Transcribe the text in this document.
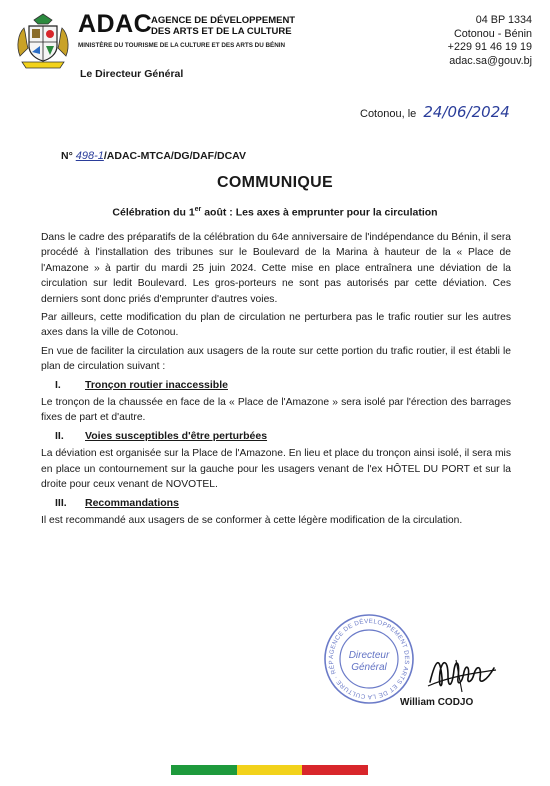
ADAC
AGENCE DE DÉVELOPPEMENT
DES ARTS ET DE LA CULTURE
MINISTÈRE DU TOURISME DE LA CULTURE ET DES ARTS DU BÉNIN
Le Directeur Général
04 BP 1334
Cotonou - Bénin
+229 91 46 19 19
adac.sa@gouv.bj
Cotonou, le 24/06/2024
N° 498-1/ADAC-MTCA/DG/DAF/DCAV
COMMUNIQUE
Célébration du 1er août : Les axes à emprunter pour la circulation

Dans le cadre des préparatifs de la célébration du 64e anniversaire de l'indépendance du Bénin, il sera procédé à l'installation des tribunes sur le Boulevard de la Marina à hauteur de la « Place de l'Amazone » à partir du mardi 25 juin 2024. Cette mise en place entraînera une déviation de la circulation sur ledit Boulevard. Les gros-porteurs ne sont pas autorisés par cette déviation. Ces derniers sont donc priés d'emprunter d'autres voies.

Par ailleurs, cette modification du plan de circulation ne perturbera pas le trafic routier sur les autres axes dans la ville de Cotonou.

En vue de faciliter la circulation aux usagers de la route sur cette portion du trafic routier, il est établi le plan de circulation suivant :

I. Tronçon routier inaccessible

Le tronçon de la chaussée en face de la « Place de l'Amazone » sera isolé par l'érection des barrages fixes de part et d'autre.

II. Voies susceptibles d'être perturbées

La déviation est organisée sur la Place de l'Amazone. En lieu et place du tronçon ainsi isolé, il sera mis en place un contournement sur la gauche pour les usagers venant de l'ex HÔTEL DU PORT et sur la droite pour ceux venant de NOVOTEL.

III. Recommandations

Il est recommandé aux usagers de se conformer à cette légère modification de la circulation.

AGENCE DE DÉVELOPPEMENT DES ARTS ET DE LA CULTURE · RÉP
Directeur
Général
William CODJO
